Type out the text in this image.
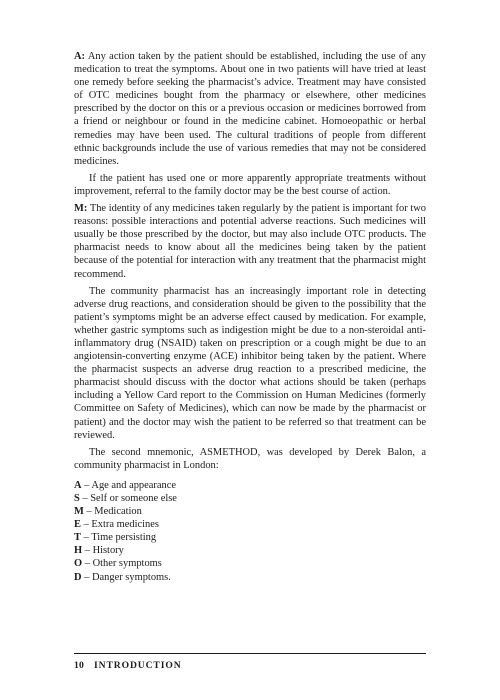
A: Any action taken by the patient should be established, including the use of any medication to treat the symptoms. About one in two patients will have tried at least one remedy before seeking the pharmacist’s advice. Treatment may have consisted of OTC medicines bought from the pharmacy or elsewhere, other medicines prescribed by the doctor on this or a previous occasion or medicines borrowed from a friend or neighbour or found in the medicine cabinet. Homoeopathic or herbal remedies may have been used. The cultural traditions of people from different ethnic backgrounds include the use of various remedies that may not be considered medicines.

If the patient has used one or more apparently appropriate treatments without improvement, referral to the family doctor may be the best course of action.

M: The identity of any medicines taken regularly by the patient is important for two reasons: possible interactions and potential adverse reactions. Such medicines will usually be those prescribed by the doctor, but may also include OTC products. The pharmacist needs to know about all the medicines being taken by the patient because of the potential for interaction with any treatment that the pharmacist might recommend.

The community pharmacist has an increasingly important role in detecting adverse drug reactions, and consideration should be given to the possibility that the patient’s symptoms might be an adverse effect caused by medication. For example, whether gastric symptoms such as indigestion might be due to a non-steroidal anti-inflammatory drug (NSAID) taken on prescription or a cough might be due to an angiotensin-converting enzyme (ACE) inhibitor being taken by the patient. Where the pharmacist suspects an adverse drug reaction to a prescribed medicine, the pharmacist should discuss with the doctor what actions should be taken (perhaps including a Yellow Card report to the Commission on Human Medicines (formerly Committee on Safety of Medicines), which can now be made by the pharmacist or patient) and the doctor may wish the patient to be referred so that treatment can be reviewed.

The second mnemonic, ASMETHOD, was developed by Derek Balon, a community pharmacist in London:

A – Age and appearance
S – Self or someone else
M – Medication
E – Extra medicines
T – Time persisting
H – History
O – Other symptoms
D – Danger symptoms.
10 INTRODUCTION
